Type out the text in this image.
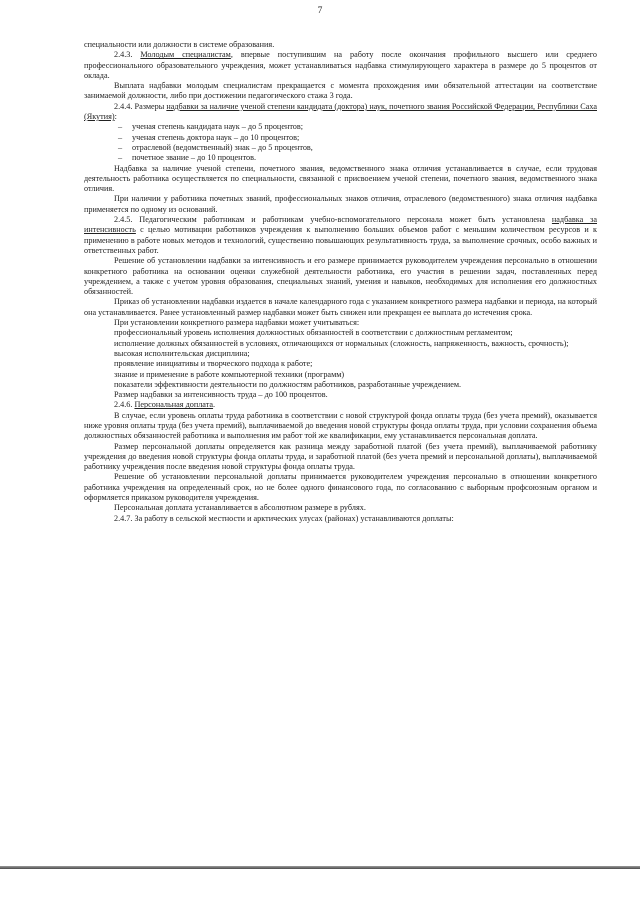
7

специальности или должности в системе образования.

2.4.3. Молодым специалистам, впервые поступившим на работу после окончания профильного высшего или среднего профессионального образовательного учреждения, может устанавливаться надбавка стимулирующего характера в размере до 5 процентов от оклада.

Выплата надбавки молодым специалистам прекращается с момента прохождения ими обязательной аттестации на соответствие занимаемой должности, либо при достижении педагогического стажа 3 года.

2.4.4. Размеры надбавки за наличие ученой степени кандидата (доктора) наук, почетного звания Российской Федерации, Республики Саха (Якутия):

– ученая степень кандидата наук – до 5 процентов;

– ученая степень доктора наук – до 10 процентов;

– отраслевой (ведомственный) знак – до 5 процентов,

– почетное звание – до 10 процентов.

Надбавка за наличие ученой степени, почетного звания, ведомственного знака отличия устанавливается в случае, если трудовая деятельность работника осуществляется по специальности, связанной с присвоением ученой степени, почетного звания, ведомственного знака отличия.

При наличии у работника почетных званий, профессиональных знаков отличия, отраслевого (ведомственного) знака отличия надбавка применяется по одному из оснований.

2.4.5. Педагогическим работникам и работникам учебно-вспомогательного персонала может быть установлена надбавка за интенсивность с целью мотивации работников учреждения к выполнению больших объемов работ с меньшим количеством ресурсов и к применению в работе новых методов и технологий, существенно повышающих результативность труда, за выполнение срочных, особо важных и ответственных работ.

Решение об установлении надбавки за интенсивность и его размере принимается руководителем учреждения персонально в отношении конкретного работника на основании оценки служебной деятельности работника, его участия в решении задач, поставленных перед учреждением, а также с учетом уровня образования, специальных знаний, умения и навыков, необходимых для исполнения его должностных обязанностей.

Приказ об установлении надбавки издается в начале календарного года с указанием конкретного размера надбавки и периода, на который она устанавливается. Ранее установленный размер надбавки может быть снижен или прекращен ее выплата до истечения срока.

При установлении конкретного размера надбавки может учитываться:

профессиональный уровень исполнения должностных обязанностей в соответствии с должностным регламентом;

исполнение должных обязанностей в условиях, отличающихся от нормальных (сложность, напряженность, важность, срочность);

высокая исполнительская дисциплина;

проявление инициативы и творческого подхода к работе;

знание и применение в работе компьютерной техники (программ)

показатели эффективности деятельности по должностям работников, разработанные учреждением.

Размер надбавки за интенсивность труда – до 100 процентов.

2.4.6. Персональная доплата.

В случае, если уровень оплаты труда работника в соответствии с новой структурой фонда оплаты труда (без учета премий), оказывается ниже уровня оплаты труда (без учета премий), выплачиваемой до введения новой структуры фонда оплаты труда, при условии сохранения объема должностных обязанностей работника и выполнения им работ той же квалификации, ему устанавливается персональная доплата.

Размер персональной доплаты определяется как разница между заработной платой (без учета премий), выплачиваемой работнику учреждения до введения новой структуры фонда оплаты труда, и заработной платой (без учета премий и персональной доплаты), выплачиваемой работнику учреждения после введения новой структуры фонда оплаты труда.

Решение об установлении персональной доплаты принимается руководителем учреждения персонально в отношении конкретного работника учреждения на определенный срок, но не более одного финансового года, по согласованию с выборным профсоюзным органом и оформляется приказом руководителя учреждения.

Персональная доплата устанавливается в абсолютном размере в рублях.

2.4.7. За работу в сельской местности и арктических улусах (районах) устанавливаются доплаты:
